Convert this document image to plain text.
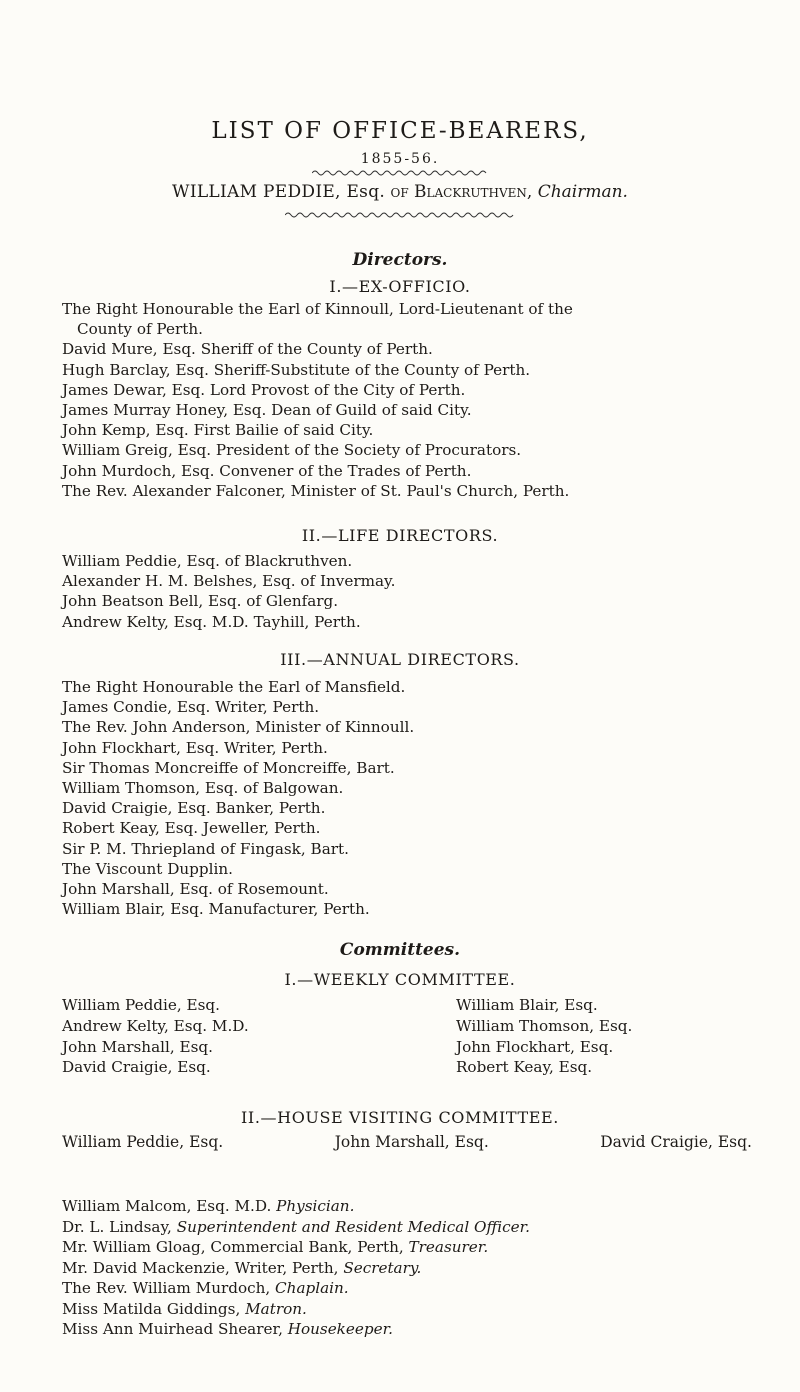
LIST OF OFFICE-BEARERS,
1855-56.
WILLIAM PEDDIE, Esq. of Blackruthven, Chairman.
Directors.
I.—EX-OFFICIO.
The Right Honourable the Earl of Kinnoull, Lord-Lieutenant of the
County of Perth.
David Mure, Esq. Sheriff of the County of Perth.
Hugh Barclay, Esq. Sheriff-Substitute of the County of Perth.
James Dewar, Esq. Lord Provost of the City of Perth.
James Murray Honey, Esq. Dean of Guild of said City.
John Kemp, Esq. First Bailie of said City.
William Greig, Esq. President of the Society of Procurators.
John Murdoch, Esq. Convener of the Trades of Perth.
The Rev. Alexander Falconer, Minister of St. Paul's Church, Perth.
II.—LIFE DIRECTORS.
William Peddie, Esq. of Blackruthven.
Alexander H. M. Belshes, Esq. of Invermay.
John Beatson Bell, Esq. of Glenfarg.
Andrew Kelty, Esq. M.D. Tayhill, Perth.
III.—ANNUAL DIRECTORS.
The Right Honourable the Earl of Mansfield.
James Condie, Esq. Writer, Perth.
The Rev. John Anderson, Minister of Kinnoull.
John Flockhart, Esq. Writer, Perth.
Sir Thomas Moncreiffe of Moncreiffe, Bart.
William Thomson, Esq. of Balgowan.
David Craigie, Esq. Banker, Perth.
Robert Keay, Esq. Jeweller, Perth.
Sir P. M. Thriepland of Fingask, Bart.
The Viscount Dupplin.
John Marshall, Esq. of Rosemount.
William Blair, Esq. Manufacturer, Perth.
Committees.
I.—WEEKLY COMMITTEE.
William Peddie, Esq.
Andrew Kelty, Esq. M.D.
John Marshall, Esq.
David Craigie, Esq.
William Blair, Esq.
William Thomson, Esq.
John Flockhart, Esq.
Robert Keay, Esq.
II.—HOUSE VISITING COMMITTEE.
William Peddie, Esq.	John Marshall, Esq.	David Craigie, Esq.
William Malcom, Esq. M.D. Physician.
Dr. L. Lindsay, Superintendent and Resident Medical Officer.
Mr. William Gloag, Commercial Bank, Perth, Treasurer.
Mr. David Mackenzie, Writer, Perth, Secretary.
The Rev. William Murdoch, Chaplain.
Miss Matilda Giddings, Matron.
Miss Ann Muirhead Shearer, Housekeeper.
